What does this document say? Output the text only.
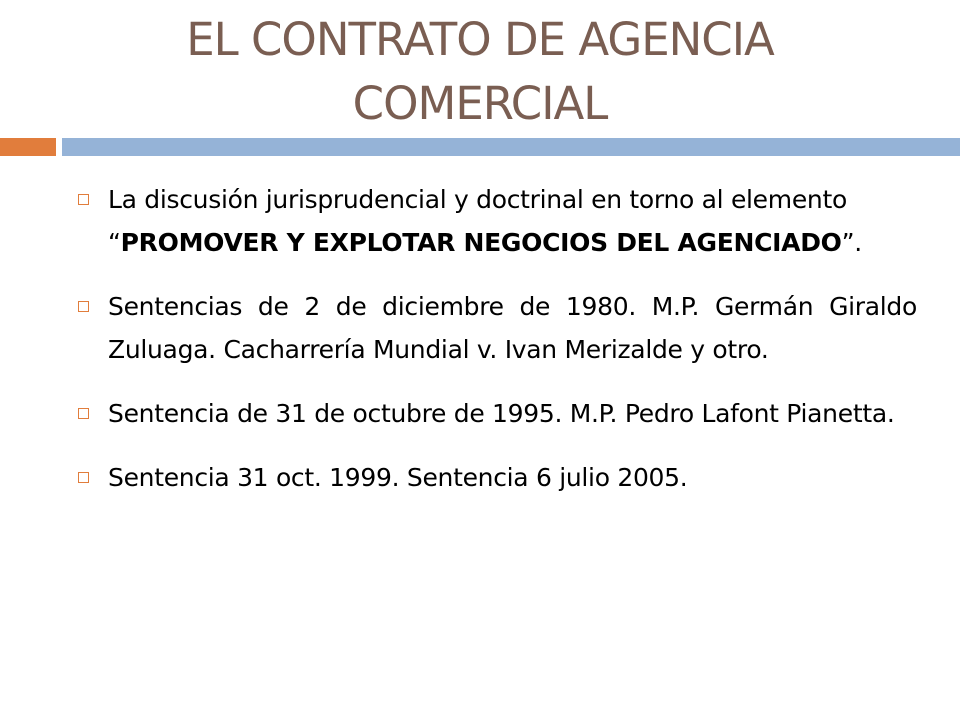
EL CONTRATO DE AGENCIA
COMERCIAL
La discusión jurisprudencial y doctrinal en torno al elemento “PROMOVER Y EXPLOTAR NEGOCIOS DEL AGENCIADO”.
Sentencias de 2 de diciembre de 1980. M.P. Germán Giraldo Zuluaga. Cacharrería Mundial v. Ivan Merizalde y otro.
Sentencia de 31 de octubre de 1995. M.P. Pedro Lafont Pianetta.
Sentencia 31 oct. 1999. Sentencia 6 julio 2005.
